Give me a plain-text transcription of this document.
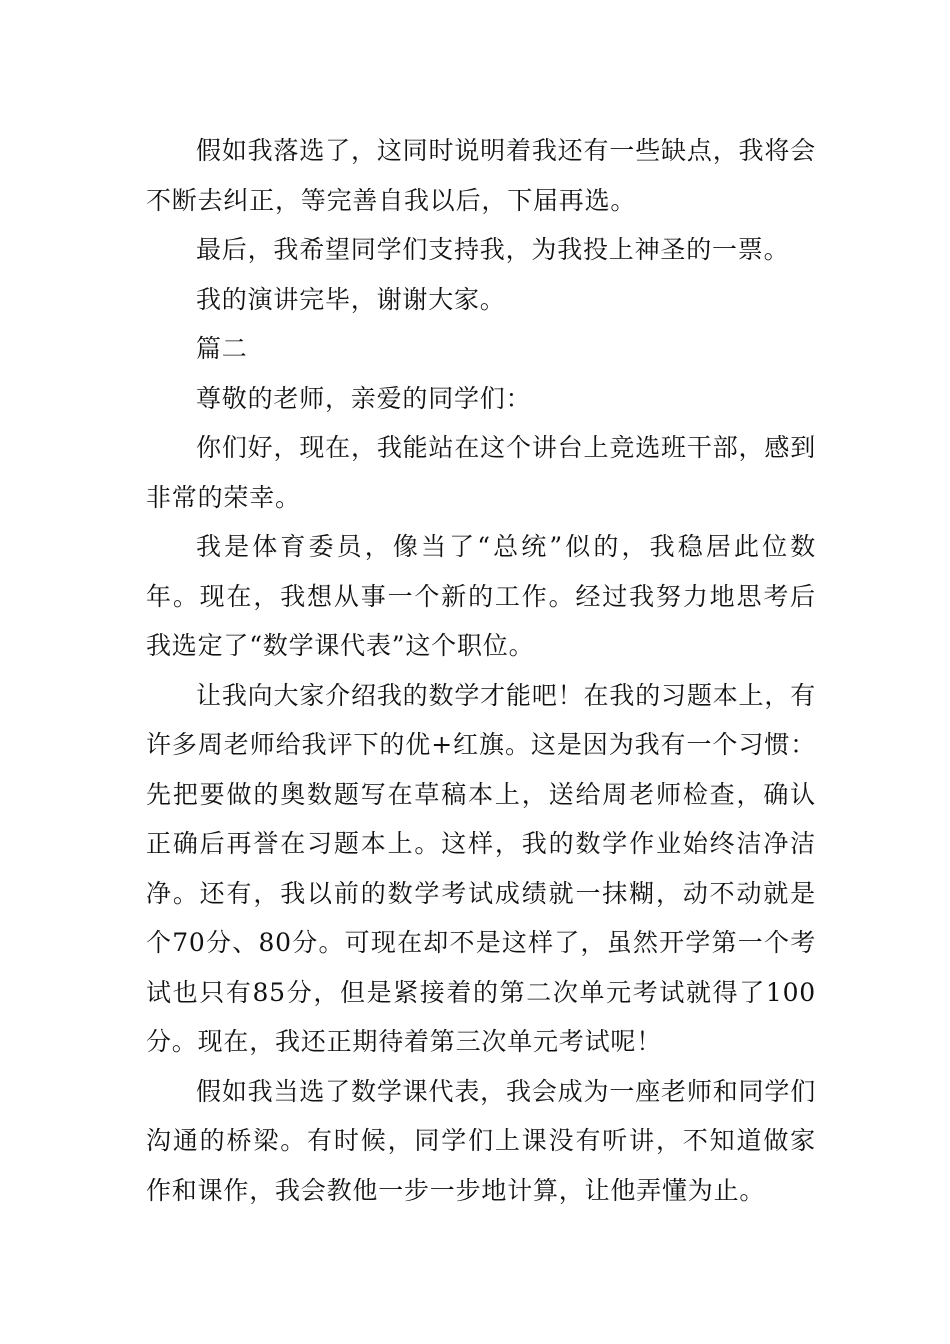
假如我落选了，这同时说明着我还有一些缺点，我将会不断去纠正，等完善自我以后，下届再选。

最后，我希望同学们支持我，为我投上神圣的一票。

我的演讲完毕，谢谢大家。

篇二

尊敬的老师，亲爱的同学们：

你们好，现在，我能站在这个讲台上竞选班干部，感到非常的荣幸。

我是体育委员，像当了“总统”似的，我稳居此位数年。现在，我想从事一个新的工作。经过我努力地思考后我选定了“数学课代表”这个职位。

让我向大家介绍我的数学才能吧！在我的习题本上，有许多周老师给我评下的优+红旗。这是因为我有一个习惯：先把要做的奥数题写在草稿本上，送给周老师检查，确认正确后再誉在习题本上。这样，我的数学作业始终洁净洁净。还有，我以前的数学考试成绩就一抹糊，动不动就是个70分、80分。可现在却不是这样了，虽然开学第一个考试也只有85分，但是紧接着的第二次单元考试就得了100分。现在，我还正期待着第三次单元考试呢！

假如我当选了数学课代表，我会成为一座老师和同学们沟通的桥梁。有时候，同学们上课没有听讲，不知道做家作和课作，我会教他一步一步地计算，让他弄懂为止。
